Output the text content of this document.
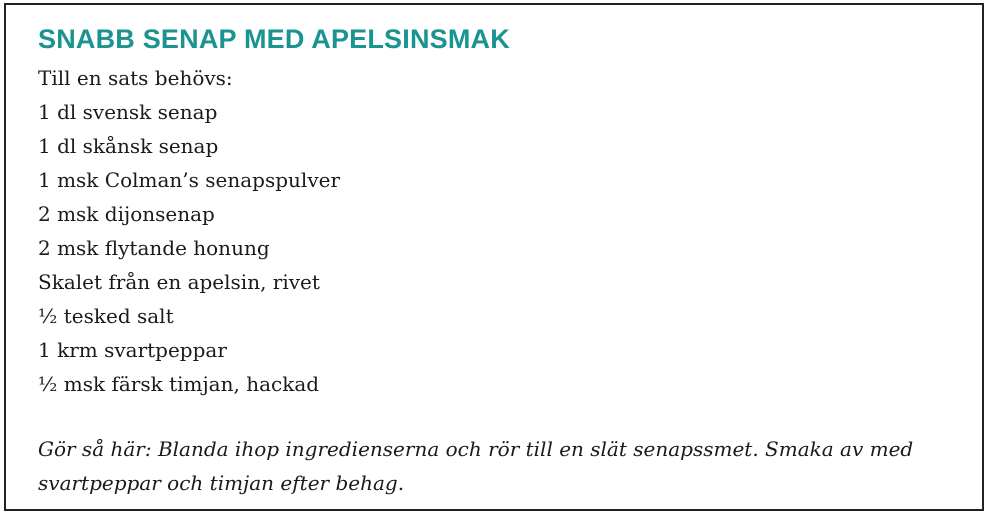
SNABB SENAP MED APELSINSMAK
Till en sats behövs:
1 dl svensk senap
1 dl skånsk senap
1 msk Colman’s senapspulver
2 msk dijonsenap
2 msk flytande honung
Skalet från en apelsin, rivet
½ tesked salt
1 krm svartpeppar
½ msk färsk timjan, hackad

Gör så här: Blanda ihop ingredienserna och rör till en slät senapssmet. Smaka av med svartpeppar och timjan efter behag.
